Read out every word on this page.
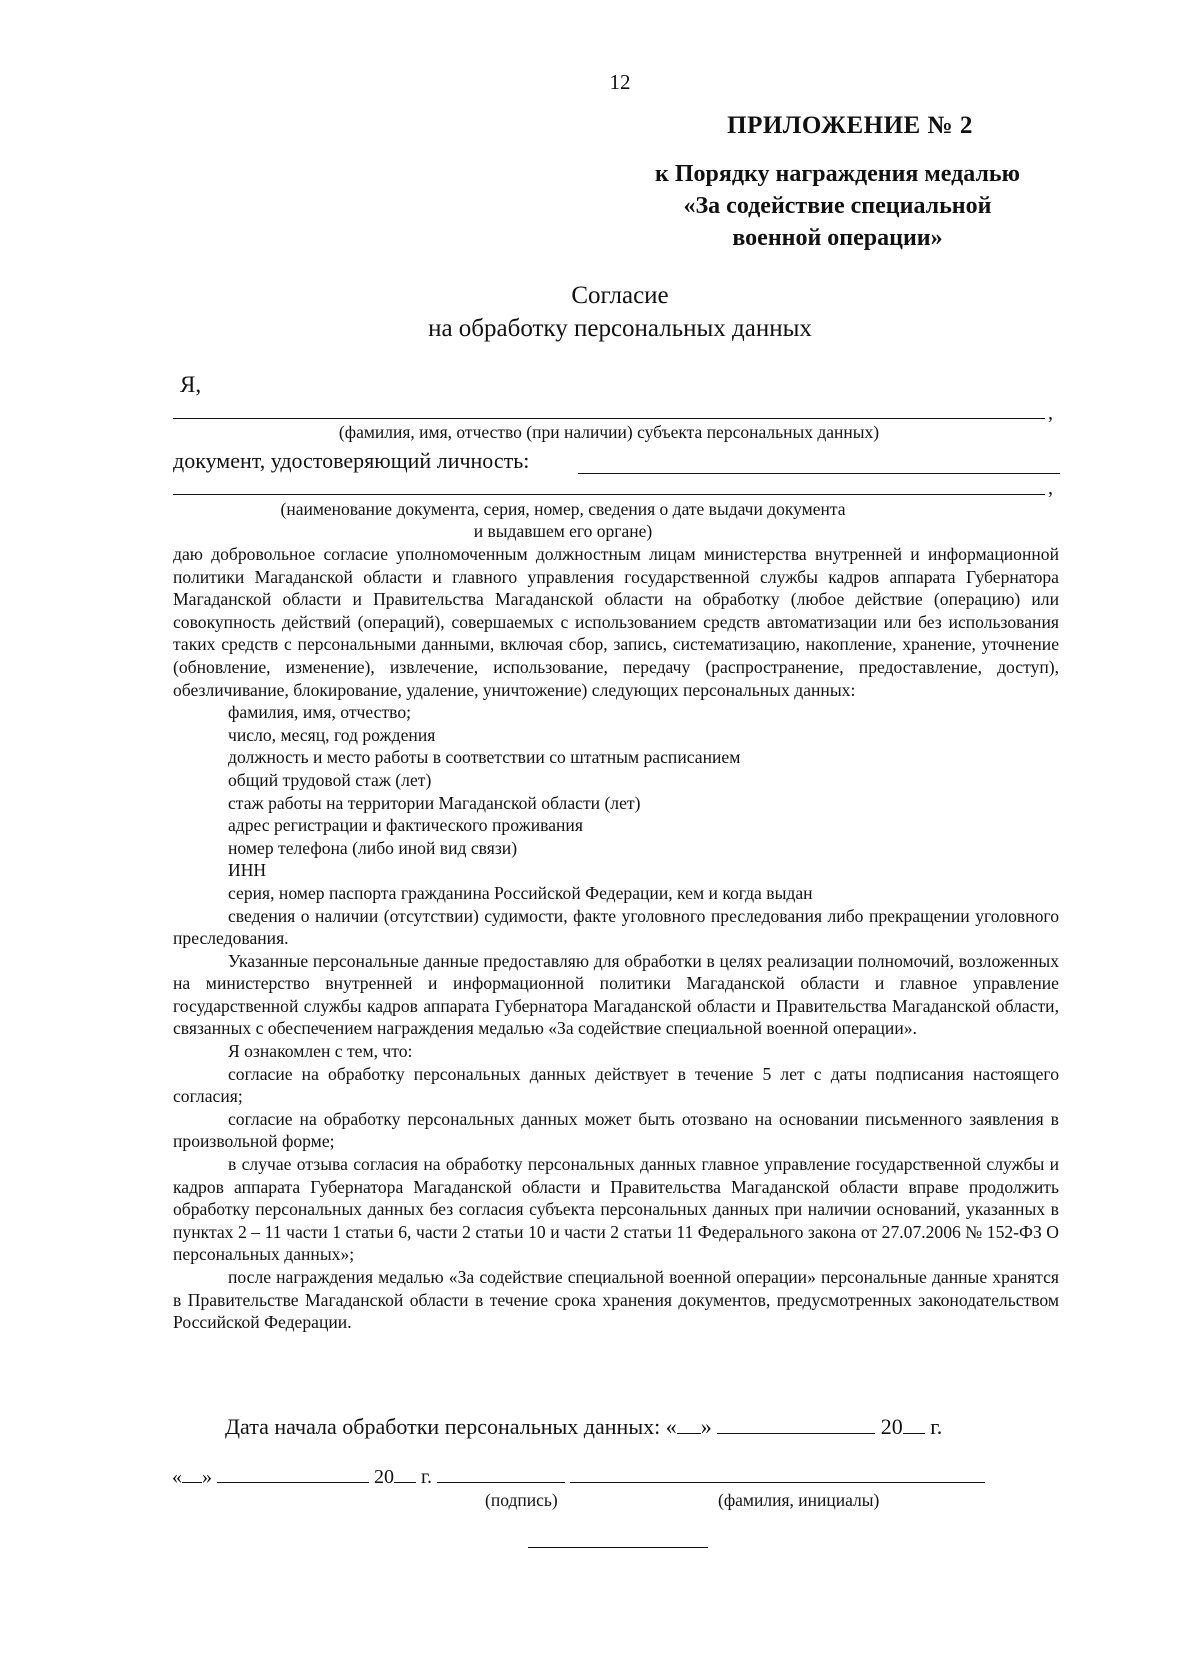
12
ПРИЛОЖЕНИЕ № 2
к Порядку награждения медалью
«За содействие специальной
военной операции»
Согласие
на обработку персональных данных
Я,
,
(фамилия, имя, отчество (при наличии) субъекта персональных данных)
документ, удостоверяющий личность:
,
(наименование документа, серия, номер, сведения о дате выдачи документа
и выдавшем его органе)

даю добровольное согласие уполномоченным должностным лицам министерства внутренней и информационной политики Магаданской области и главного управления государственной службы кадров аппарата Губернатора Магаданской области и Правительства Магаданской области на обработку (любое действие (операцию) или совокупность действий (операций), совершаемых с использованием средств автоматизации или без использования таких средств с персональными данными, включая сбор, запись, систематизацию, накопление, хранение, уточнение (обновление, изменение), извлечение, использование, передачу (распространение, предоставление, доступ), обезличивание, блокирование, удаление, уничтожение) следующих персональных данных:

фамилия, имя, отчество;
число, месяц, год рождения
должность и место работы в соответствии со штатным расписанием
общий трудовой стаж (лет)
стаж работы на территории Магаданской области (лет)
адрес регистрации и фактического проживания
номер телефона (либо иной вид связи)
ИНН
серия, номер паспорта гражданина Российской Федерации, кем и когда выдан
сведения о наличии (отсутствии) судимости, факте уголовного преследования либо прекращении уголовного преследования.

Указанные персональные данные предоставляю для обработки в целях реализации полномочий, возложенных на министерство внутренней и информационной политики Магаданской области и главное управление государственной службы кадров аппарата Губернатора Магаданской области и Правительства Магаданской области, связанных с обеспечением награждения медалью «За содействие специальной военной операции».

Я ознакомлен с тем, что:

согласие на обработку персональных данных действует в течение 5 лет с даты подписания настоящего согласия;

согласие на обработку персональных данных может быть отозвано на основании письменного заявления в произвольной форме;

в случае отзыва согласия на обработку персональных данных главное управление государственной службы и кадров аппарата Губернатора Магаданской области и Правительства Магаданской области вправе продолжить обработку персональных данных без согласия субъекта персональных данных при наличии оснований, указанных в пунктах 2 – 11 части 1 статьи 6, части 2 статьи 10 и части 2 статьи 11 Федерального закона от 27.07.2006 № 152-ФЗ О персональных данных»;

после награждения медалью «За содействие специальной военной операции» персональные данные хранятся в Правительстве Магаданской области в течение срока хранения документов, предусмотренных законодательством Российской Федерации.

Дата начала обработки персональных данных: « »	20 г.
« »	20 г.
(подпись)	(фамилия, инициалы)
